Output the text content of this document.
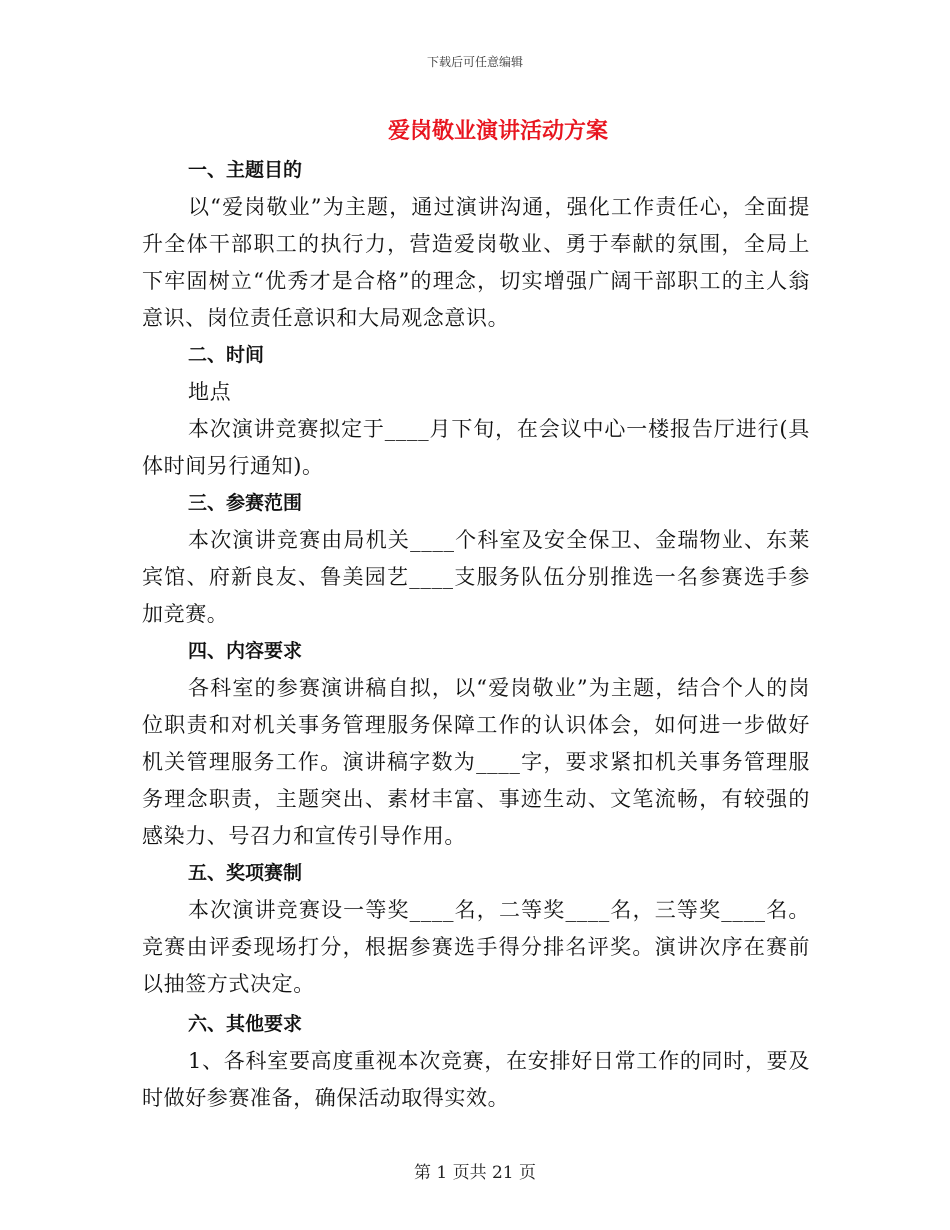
下载后可任意编辑
爱岗敬业演讲活动方案
一、主题目的

以“爱岗敬业”为主题，通过演讲沟通，强化工作责任心，全面提升全体干部职工的执行力，营造爱岗敬业、勇于奉献的氛围，全局上下牢固树立“优秀才是合格”的理念，切实增强广阔干部职工的主人翁意识、岗位责任意识和大局观念意识。

二、时间

地点

本次演讲竞赛拟定于____月下旬，在会议中心一楼报告厅进行(具体时间另行通知)。

三、参赛范围

本次演讲竞赛由局机关____个科室及安全保卫、金瑞物业、东莱宾馆、府新良友、鲁美园艺____支服务队伍分别推选一名参赛选手参加竞赛。

四、内容要求

各科室的参赛演讲稿自拟，以“爱岗敬业”为主题，结合个人的岗位职责和对机关事务管理服务保障工作的认识体会，如何进一步做好机关管理服务工作。演讲稿字数为____字，要求紧扣机关事务管理服务理念职责，主题突出、素材丰富、事迹生动、文笔流畅，有较强的感染力、号召力和宣传引导作用。

五、奖项赛制

本次演讲竞赛设一等奖____名，二等奖____名，三等奖____名。竞赛由评委现场打分，根据参赛选手得分排名评奖。演讲次序在赛前以抽签方式决定。

六、其他要求

1、各科室要高度重视本次竞赛，在安排好日常工作的同时，要及时做好参赛准备，确保活动取得实效。

第 1 页共 21 页
